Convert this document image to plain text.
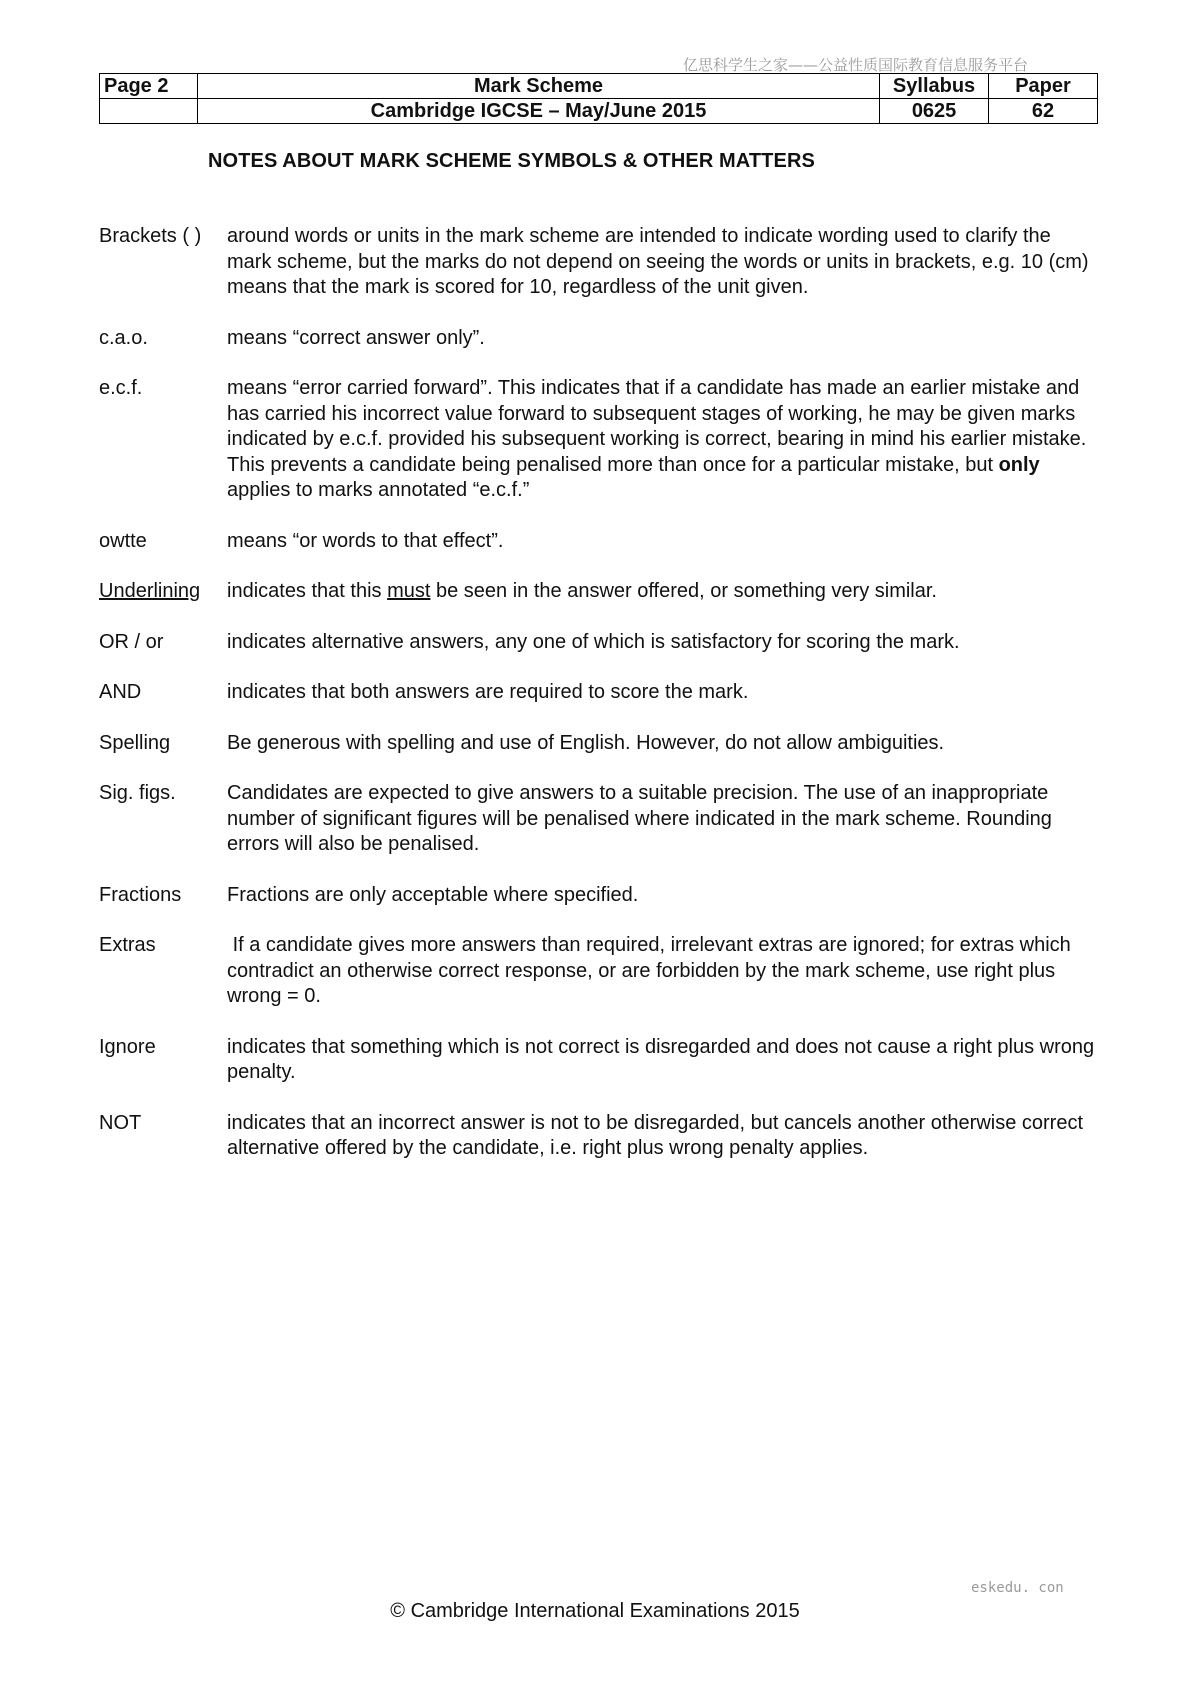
亿思科学生之家——公益性质国际教育信息服务平台
Page 2	Mark Scheme	Syllabus	Paper
	Cambridge IGCSE – May/June 2015	0625	62
NOTES ABOUT MARK SCHEME SYMBOLS & OTHER MATTERS
Brackets ( )	around words or units in the mark scheme are intended to indicate wording used to clarify the mark scheme, but the marks do not depend on seeing the words or units in brackets, e.g. 10 (cm) means that the mark is scored for 10, regardless of the unit given.
c.a.o.	means “correct answer only”.
e.c.f.	means “error carried forward”. This indicates that if a candidate has made an earlier mistake and has carried his incorrect value forward to subsequent stages of working, he may be given marks indicated by e.c.f. provided his subsequent working is correct, bearing in mind his earlier mistake. This prevents a candidate being penalised more than once for a particular mistake, but only applies to marks annotated “e.c.f.”
owtte	means “or words to that effect”.
Underlining	indicates that this must be seen in the answer offered, or something very similar.
OR / or	indicates alternative answers, any one of which is satisfactory for scoring the mark.
AND	indicates that both answers are required to score the mark.
Spelling	Be generous with spelling and use of English. However, do not allow ambiguities.
Sig. figs.	Candidates are expected to give answers to a suitable precision. The use of an inappropriate number of significant figures will be penalised where indicated in the mark scheme. Rounding errors will also be penalised.
Fractions	Fractions are only acceptable where specified.
Extras	If a candidate gives more answers than required, irrelevant extras are ignored; for extras which contradict an otherwise correct response, or are forbidden by the mark scheme, use right plus wrong = 0.
Ignore	indicates that something which is not correct is disregarded and does not cause a right plus wrong penalty.
NOT	indicates that an incorrect answer is not to be disregarded, but cancels another otherwise correct alternative offered by the candidate, i.e. right plus wrong penalty applies.
eskedu. con
© Cambridge International Examinations 2015
